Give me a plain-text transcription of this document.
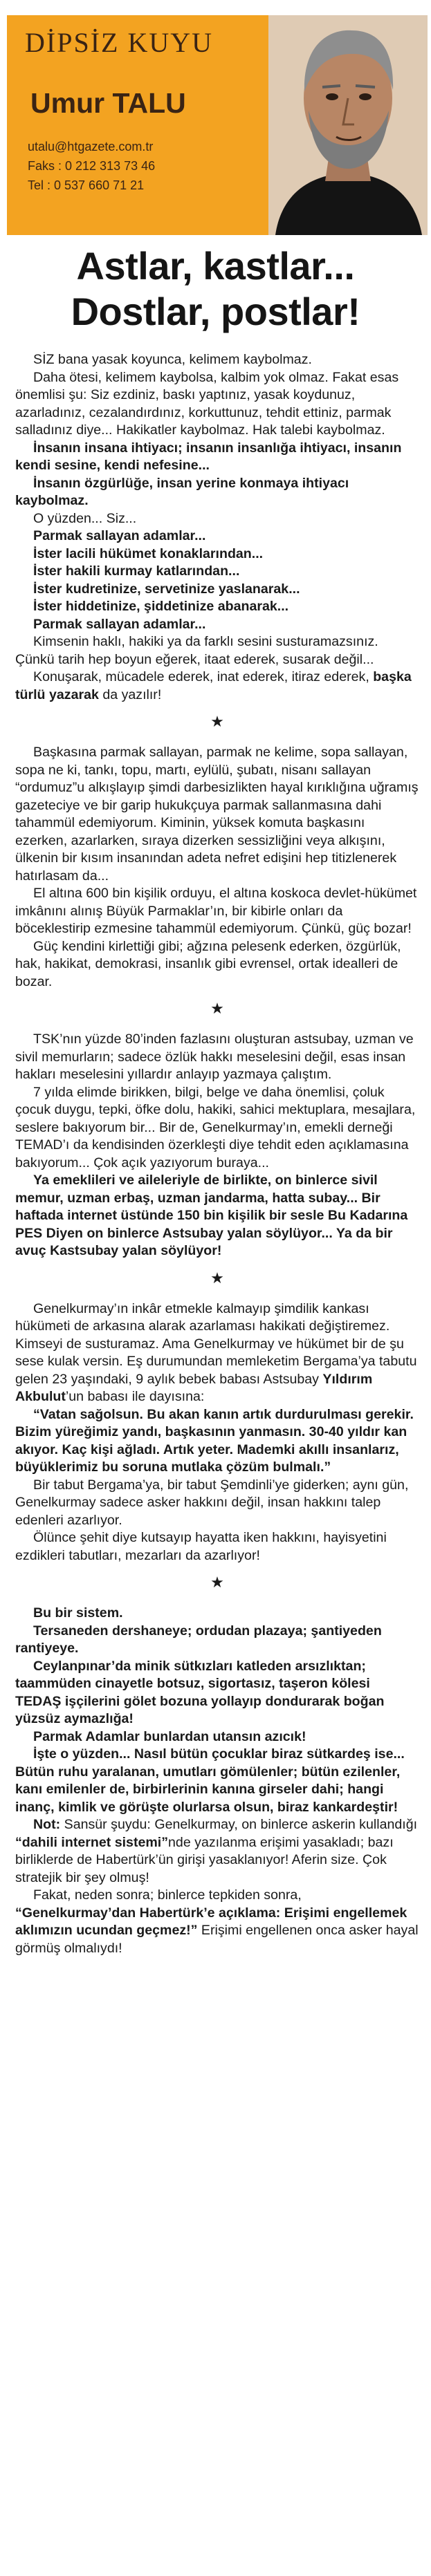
DİPSİZ KUYU
Umur TALU
utalu@htgazete.com.tr
Faks : 0 212 313 73 46
Tel : 0 537 660 71 21
Astlar, kastlar...
Dostlar, postlar!

SİZ bana yasak koyunca, kelimem kaybolmaz.

Daha ötesi, kelimem kaybolsa, kalbim yok olmaz. Fakat esas önemlisi şu: Siz ezdiniz, baskı yaptınız, yasak koydunuz, azarladınız, cezalandırdınız, korkuttunuz, tehdit ettiniz, parmak salladınız diye... Hakikatler kaybolmaz. Hak talebi kaybolmaz.

İnsanın insana ihtiyacı; insanın insanlığa ihtiyacı, insanın kendi sesine, kendi nefesine...

İnsanın özgürlüğe, insan yerine konmaya ihtiyacı kaybolmaz.

O yüzden... Siz...

Parmak sallayan adamlar...

İster lacili hükümet konaklarından...

İster hakili kurmay katlarından...

İster kudretinize, servetinize yaslanarak...

İster hiddetinize, şiddetinize abanarak...

Parmak sallayan adamlar...

Kimsenin haklı, hakiki ya da farklı sesini susturamazsınız. Çünkü tarih hep boyun eğerek, itaat ederek, susarak değil...

Konuşarak, mücadele ederek, inat ederek, itiraz ederek, başka türlü yazarak da yazılır!

★

Başkasına parmak sallayan, parmak ne kelime, sopa sallayan, sopa ne ki, tankı, topu, martı, eylülü, şubatı, nisanı sallayan “ordumuz”u alkışlayıp şimdi darbesizlikten hayal kırıklığına uğramış gazeteciye ve bir garip hukukçuya parmak sallanmasına dahi tahammül edemiyorum. Kiminin, yüksek komuta başkasını ezerken, azarlarken, sıraya dizerken sessizliğini veya alkışını, ülkenin bir kısım insanından adeta nefret edişini hep titizlenerek hatırlasam da...

El altına 600 bin kişilik orduyu, el altına koskoca devlet-hükümet imkânını alınış Büyük Parmaklar’ın, bir kibirle onları da böceklestirip ezmesine tahammül edemiyorum. Çünkü, güç bozar!

Güç kendini kirlettiği gibi; ağzına pelesenk ederken, özgürlük, hak, hakikat, demokrasi, insanlık gibi evrensel, ortak idealleri de bozar.

★

TSK’nın yüzde 80’inden fazlasını oluşturan astsubay, uzman ve sivil memurların; sadece özlük hakkı meselesini değil, esas insan hakları meselesini yıllardır anlayıp yazmaya çalıştım.

7 yılda elimde birikken, bilgi, belge ve daha önemlisi, çoluk çocuk duygu, tepki, öfke dolu, hakiki, sahici mektuplara, mesajlara, seslere bakıyorum bir... Bir de, Genelkurmay’ın, emekli derneği TEMAD’ı da kendisinden özerkleşti diye tehdit eden açıklamasına bakıyorum... Çok açık yazıyorum buraya...

Ya emeklileri ve aileleriyle de birlikte, on binlerce sivil memur, uzman erbaş, uzman jandarma, hatta subay... Bir haftada internet üstünde 150 bin kişilik bir sesle Bu Kadarına PES Diyen on binlerce Astsubay yalan söylüyor... Ya da bir avuç Kastsubay yalan söylüyor!

★

Genelkurmay’ın inkâr etmekle kalmayıp şimdilik kankası hükümeti de arkasına alarak azarlaması hakikati değiştiremez. Kimseyi de susturamaz. Ama Genelkurmay ve hükümet bir de şu sese kulak versin. Eş durumundan memleketim Bergama’ya tabutu gelen 23 yaşındaki, 9 aylık bebek babası Astsubay Yıldırım Akbulut’un babası ile dayısına:

“Vatan sağolsun. Bu akan kanın artık durdurulması gerekir. Bizim yüreğimiz yandı, başkasının yanmasın. 30-40 yıldır kan akıyor. Kaç kişi ağladı. Artık yeter. Mademki akıllı insanlarız, büyüklerimiz bu soruna mutlaka çözüm bulmalı.”

Bir tabut Bergama’ya, bir tabut Şemdinli’ye giderken; aynı gün, Genelkurmay sadece asker hakkını değil, insan hakkını talep edenleri azarlıyor.

Ölünce şehit diye kutsayıp hayatta iken hakkını, hayisyetini ezdikleri tabutları, mezarları da azarlıyor!

★

Bu bir sistem.

Tersaneden dershaneye; ordudan plazaya; şantiyeden rantiyeye.

Ceylanpınar’da minik sütkızları katleden arsızlıktan; taammüden cinayetle botsuz, sigortasız, taşeron kölesi TEDAŞ işçilerini gölet bozuna yollayıp dondurarak boğan yüzsüz aymazlığa!

Parmak Adamlar bunlardan utansın azıcık!

İşte o yüzden... Nasıl bütün çocuklar biraz sütkardeş ise... Bütün ruhu yaralanan, umutları gömülenler; bütün ezilenler, kanı emilenler de, birbirlerinin kanına girseler dahi; hangi inanç, kimlik ve görüşte olurlarsa olsun, biraz kankardeştir!

Not: Sansür şuydu: Genelkurmay, on binlerce askerin kullandığı “dahili internet sistemi”nde yazılanma erişimi yasakladı; bazı birliklerde de Habertürk’ün girişi yasaklanıyor! Aferin size. Çok stratejik bir şey olmuş!

Fakat, neden sonra; binlerce tepkiden sonra, “Genelkurmay’dan Habertürk’e açıklama: Erişimi engellemek aklımızın ucundan geçmez!” Erişimi engellenen onca asker hayal görmüş olmalıydı!
